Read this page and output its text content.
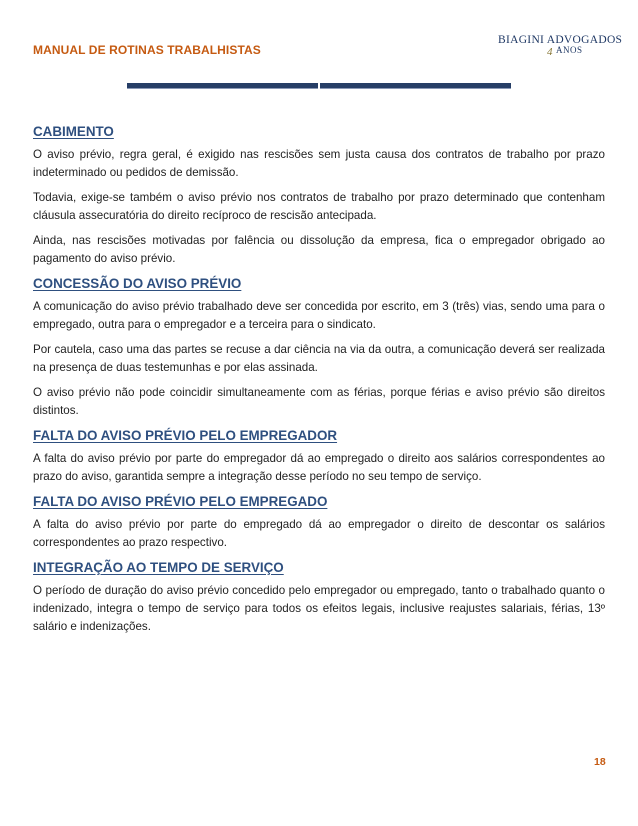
MANUAL DE ROTINAS TRABALHISTAS
BIAGINI ADVOGADOS
4 ANOS
CABIMENTO

O aviso prévio, regra geral, é exigido nas rescisões sem justa causa dos contratos de trabalho por prazo indeterminado ou pedidos de demissão.

Todavia, exige-se também o aviso prévio nos contratos de trabalho por prazo determinado que contenham cláusula assecuratória do direito recíproco de rescisão antecipada.

Ainda, nas rescisões motivadas por falência ou dissolução da empresa, fica o empregador obrigado ao pagamento do aviso prévio.

CONCESSÃO DO AVISO PRÉVIO

A comunicação do aviso prévio trabalhado deve ser concedida por escrito, em 3 (três) vias, sendo uma para o empregado, outra para o empregador e a terceira para o sindicato.

Por cautela, caso uma das partes se recuse a dar ciência na via da outra, a comunicação deverá ser realizada na presença de duas testemunhas e por elas assinada.

O aviso prévio não pode coincidir simultaneamente com as férias, porque férias e aviso prévio são direitos distintos.

FALTA DO AVISO PRÉVIO PELO EMPREGADOR

A falta do aviso prévio por parte do empregador dá ao empregado o direito aos salários correspondentes ao prazo do aviso, garantida sempre a integração desse período no seu tempo de serviço.

FALTA DO AVISO PRÉVIO PELO EMPREGADO

A falta do aviso prévio por parte do empregado dá ao empregador o direito de descontar os salários correspondentes ao prazo respectivo.

INTEGRAÇÃO AO TEMPO DE SERVIÇO

O período de duração do aviso prévio concedido pelo empregador ou empregado, tanto o trabalhado quanto o indenizado, integra o tempo de serviço para todos os efeitos legais, inclusive reajustes salariais, férias, 13º salário e indenizações.

18
